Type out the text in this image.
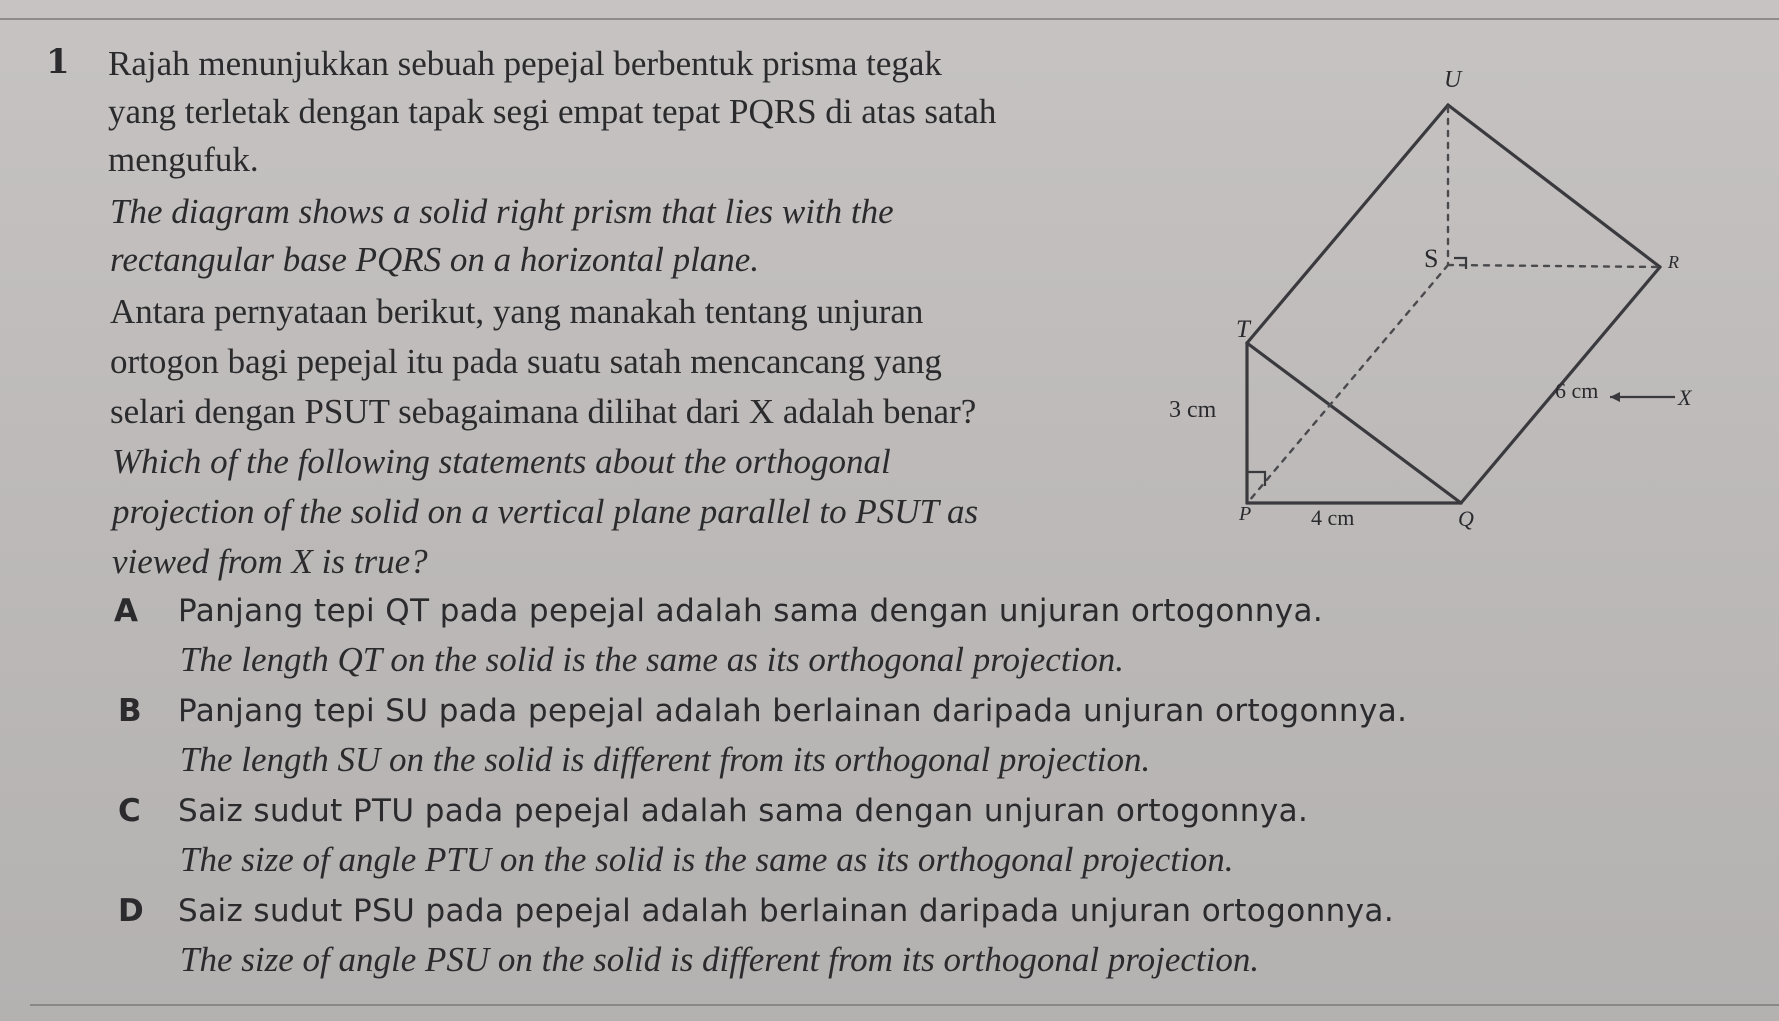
1 Rajah menunjukkan sebuah pepejal berbentuk prisma tegak
yang terletak dengan tapak segi empat tepat PQRS di atas satah
mengufuk.
The diagram shows a solid right prism that lies with the
rectangular base PQRS on a horizontal plane.
Antara pernyataan berikut, yang manakah tentang unjuran
ortogon bagi pepejal itu pada suatu satah mencancang yang
selari dengan PSUT sebagaimana dilihat dari X adalah benar?
Which of the following statements about the orthogonal
projection of the solid on a vertical plane parallel to PSUT as
viewed from X is true?
A Panjang tepi QT pada pepejal adalah sama dengan unjuran ortogonnya.
The length QT on the solid is the same as its orthogonal projection.
B Panjang tepi SU pada pepejal adalah berlainan daripada unjuran ortogonnya.
The length SU on the solid is different from its orthogonal projection.
C Saiz sudut PTU pada pepejal adalah sama dengan unjuran ortogonnya.
The size of angle PTU on the solid is the same as its orthogonal projection.
D Saiz sudut PSU pada pepejal adalah berlainan daripada unjuran ortogonnya.
The size of angle PSU on the solid is different from its orthogonal projection.
U
S	R
T
P	Q
3 cm
4 cm
6 cm	X
